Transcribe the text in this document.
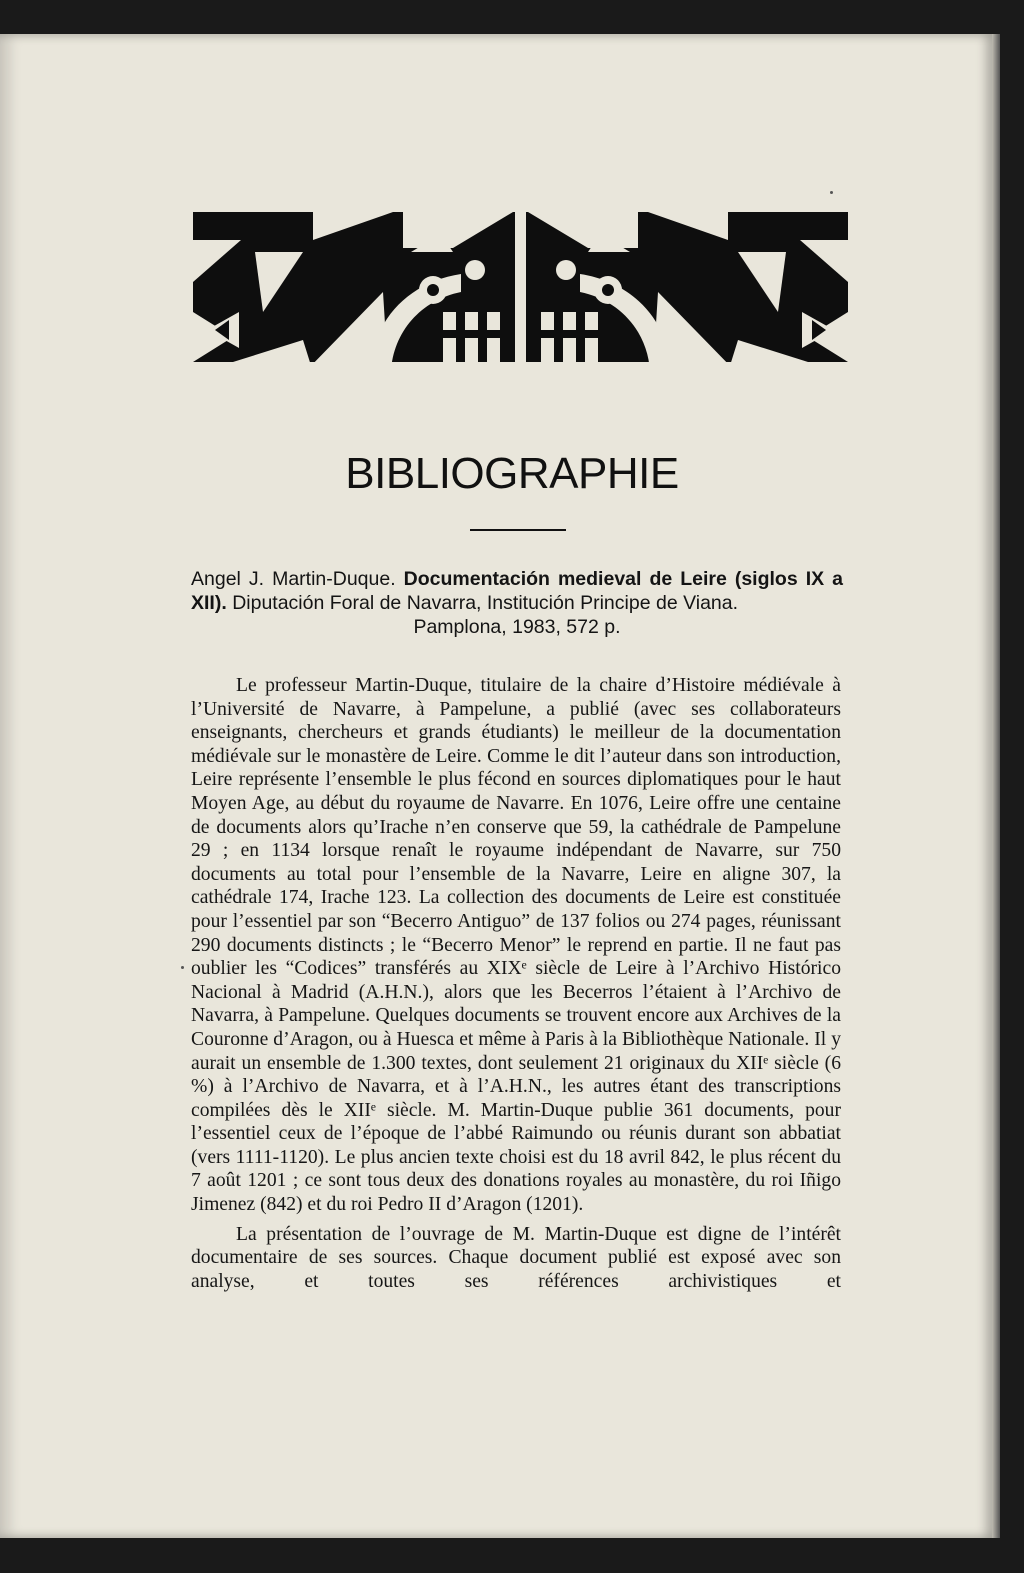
BIBLIOGRAPHIE
Angel J. Martin-Duque. Documentación medieval de Leire (siglos IX a XII). Diputación Foral de Navarra, Institución Principe de Viana.
Pamplona, 1983, 572 p.

Le professeur Martin-Duque, titulaire de la chaire d’Histoire médiévale à l’Université de Navarre, à Pampelune, a publié (avec ses collaborateurs enseignants, chercheurs et grands étudiants) le meilleur de la documentation médiévale sur le monastère de Leire. Comme le dit l’auteur dans son introduction, Leire représente l’ensemble le plus fécond en sources diplomatiques pour le haut Moyen Age, au début du royaume de Navarre. En 1076, Leire offre une centaine de documents alors qu’Irache n’en conserve que 59, la cathédrale de Pampelune 29 ; en 1134 lorsque renaît le royaume indépendant de Navarre, sur 750 documents au total pour l’ensemble de la Navarre, Leire en aligne 307, la cathédrale 174, Irache 123. La collection des documents de Leire est constituée pour l’essentiel par son “Becerro Antiguo” de 137 folios ou 274 pages, réunissant 290 documents distincts ; le “Becerro Menor” le reprend en partie. Il ne faut pas oublier les “Codices” transférés au XIXᵉ siècle de Leire à l’Archivo Histórico Nacional à Madrid (A.H.N.), alors que les Becerros l’étaient à l’Archivo de Navarra, à Pampelune. Quelques documents se trouvent encore aux Archives de la Couronne d’Aragon, ou à Huesca et même à Paris à la Bibliothèque Nationale. Il y aurait un ensemble de 1.300 textes, dont seulement 21 originaux du XIIᵉ siècle (6 %) à l’Archivo de Navarra, et à l’A.H.N., les autres étant des transcriptions compilées dès le XIIᵉ siècle. M. Martin-Duque publie 361 documents, pour l’essentiel ceux de l’époque de l’abbé Raimundo ou réunis durant son abbatiat (vers 1111-1120). Le plus ancien texte choisi est du 18 avril 842, le plus récent du 7 août 1201 ; ce sont tous deux des donations royales au monastère, du roi Iñigo Jimenez (842) et du roi Pedro II d’Aragon (1201).

La présentation de l’ouvrage de M. Martin-Duque est digne de l’intérêt documentaire de ses sources. Chaque document publié est exposé avec son analyse, et toutes ses références archivistiques et
